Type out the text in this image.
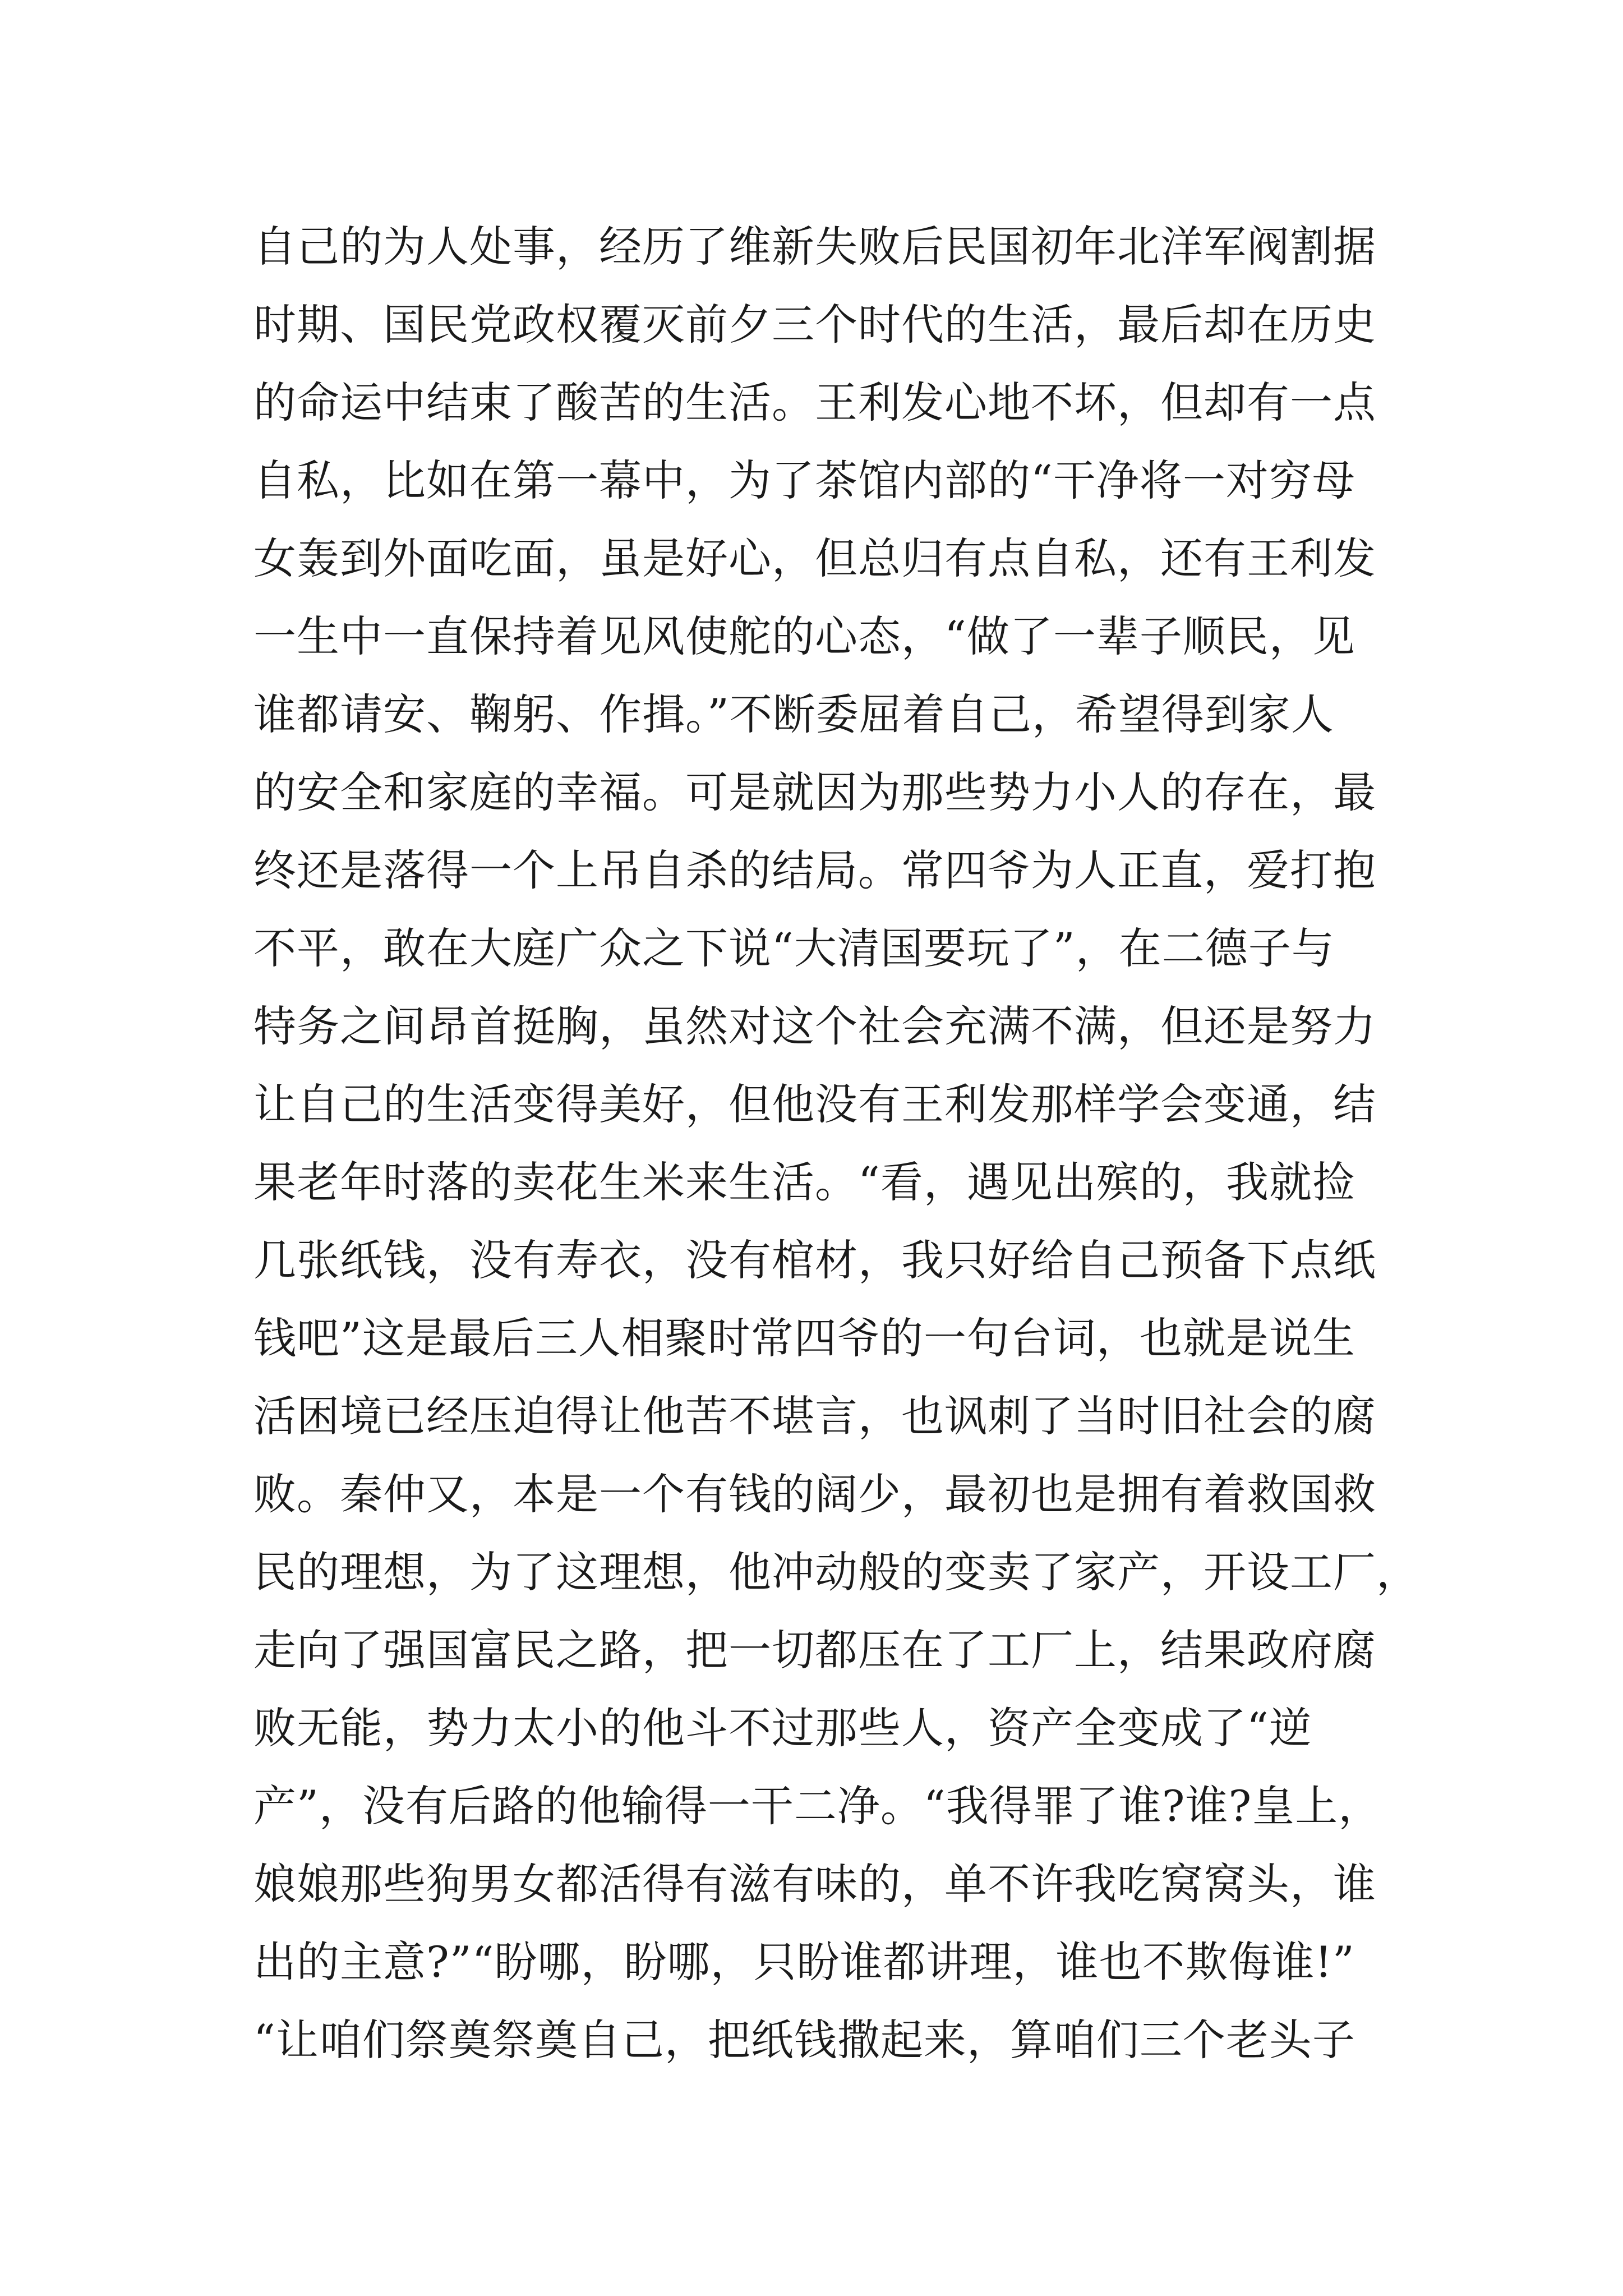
自己的为人处事，经历了维新失败后民国初年北洋军阀割据
时期、国民党政权覆灭前夕三个时代的生活，最后却在历史
的命运中结束了酸苦的生活。王利发心地不坏，但却有一点
自私，比如在第一幕中，为了茶馆内部的“干净将一对穷母
女轰到外面吃面，虽是好心，但总归有点自私，还有王利发
一生中一直保持着见风使舵的心态，“做了一辈子顺民，见
谁都请安、鞠躬、作揖。”不断委屈着自己，希望得到家人
的安全和家庭的幸福。可是就因为那些势力小人的存在，最
终还是落得一个上吊自杀的结局。常四爷为人正直，爱打抱
不平，敢在大庭广众之下说“大清国要玩了”，在二德子与
特务之间昂首挺胸，虽然对这个社会充满不满，但还是努力
让自己的生活变得美好，但他没有王利发那样学会变通，结
果老年时落的卖花生米来生活。“看，遇见出殡的，我就捡
几张纸钱，没有寿衣，没有棺材，我只好给自己预备下点纸
钱吧”这是最后三人相聚时常四爷的一句台词，也就是说生
活困境已经压迫得让他苦不堪言，也讽刺了当时旧社会的腐
败。秦仲又，本是一个有钱的阔少，最初也是拥有着救国救
民的理想，为了这理想，他冲动般的变卖了家产，开设工厂，
走向了强国富民之路，把一切都压在了工厂上，结果政府腐
败无能，势力太小的他斗不过那些人，资产全变成了“逆
产”，没有后路的他输得一干二净。“我得罪了谁?谁?皇上，
娘娘那些狗男女都活得有滋有味的，单不许我吃窝窝头，谁
出的主意?”“盼哪，盼哪，只盼谁都讲理，谁也不欺侮谁!”
“让咱们祭奠祭奠自己，把纸钱撒起来，算咱们三个老头子
